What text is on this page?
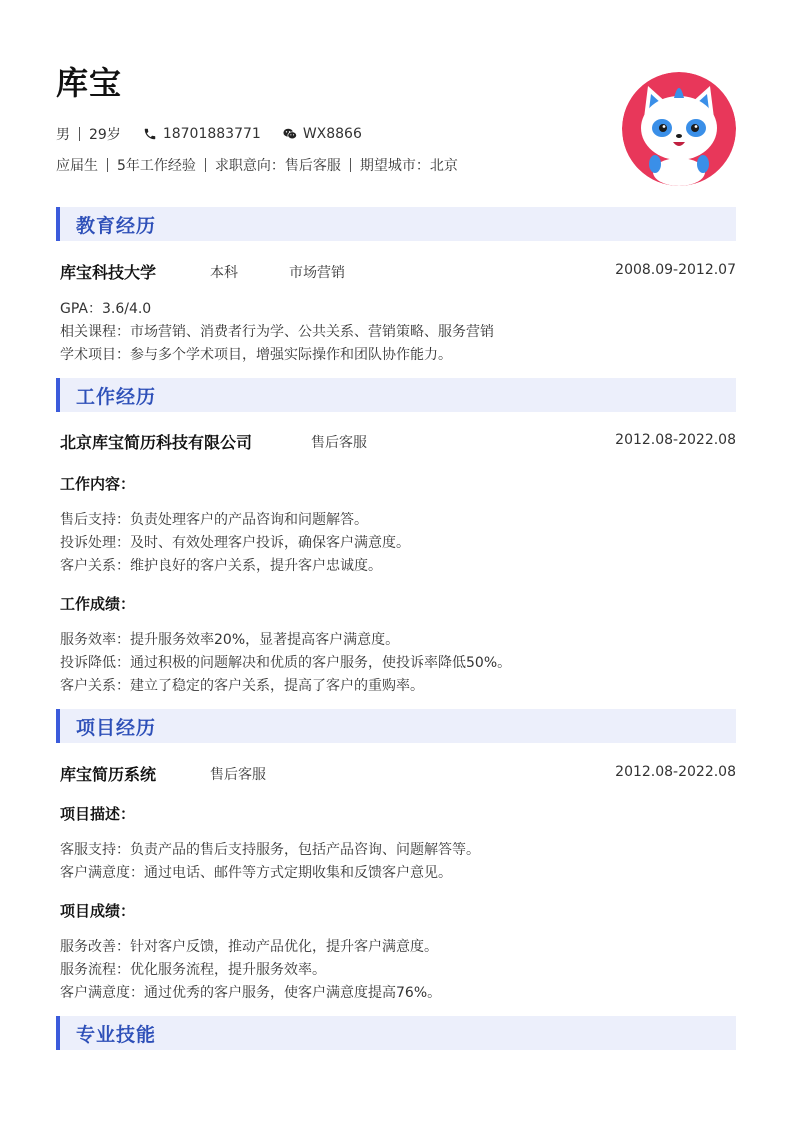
库宝
男 29岁	18701883771	WX8866
应届生 5年工作经验 求职意向：售后客服 期望城市：北京
教育经历
库宝科技大学	本科	市场营销	2008.09-2012.07
GPA：3.6/4.0
相关课程：市场营销、消费者行为学、公共关系、营销策略、服务营销
学术项目：参与多个学术项目，增强实际操作和团队协作能力。
工作经历
北京库宝简历科技有限公司	售后客服	2012.08-2022.08
工作内容：
售后支持：负责处理客户的产品咨询和问题解答。
投诉处理：及时、有效处理客户投诉，确保客户满意度。
客户关系：维护良好的客户关系，提升客户忠诚度。
工作成绩：
服务效率：提升服务效率20%，显著提高客户满意度。
投诉降低：通过积极的问题解决和优质的客户服务，使投诉率降低50%。
客户关系：建立了稳定的客户关系，提高了客户的重购率。
项目经历
库宝简历系统	售后客服	2012.08-2022.08
项目描述：
客服支持：负责产品的售后支持服务，包括产品咨询、问题解答等。
客户满意度：通过电话、邮件等方式定期收集和反馈客户意见。
项目成绩：
服务改善：针对客户反馈，推动产品优化，提升客户满意度。
服务流程：优化服务流程，提升服务效率。
客户满意度：通过优秀的客户服务，使客户满意度提高76%。
专业技能
